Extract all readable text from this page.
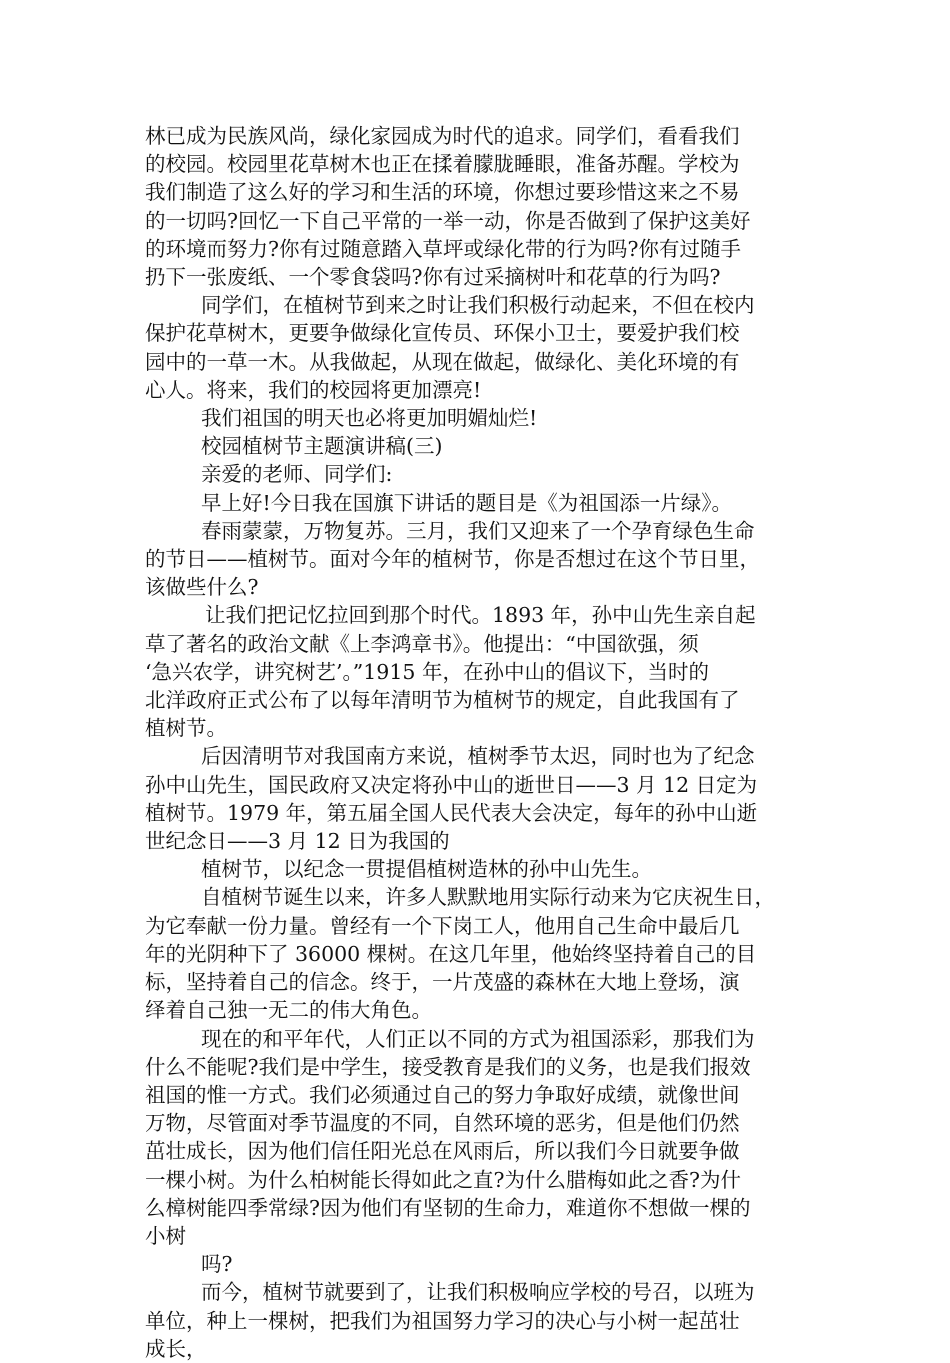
林已成为民族风尚，绿化家园成为时代的追求。同学们，看看我们

的校园。校园里花草树木也正在揉着朦胧睡眼，准备苏醒。学校为

我们制造了这么好的学习和生活的环境，你想过要珍惜这来之不易

的一切吗?回忆一下自己平常的一举一动，你是否做到了保护这美好

的环境而努力?你有过随意踏入草坪或绿化带的行为吗?你有过随手

扔下一张废纸、一个零食袋吗?你有过采摘树叶和花草的行为吗?

同学们，在植树节到来之时让我们积极行动起来，不但在校内

保护花草树木，更要争做绿化宣传员、环保小卫士，要爱护我们校

园中的一草一木。从我做起，从现在做起，做绿化、美化环境的有

心人。将来，我们的校园将更加漂亮!

我们祖国的明天也必将更加明媚灿烂!

校园植树节主题演讲稿(三)

亲爱的老师、同学们:

早上好!今日我在国旗下讲话的题目是《为祖国添一片绿》。

春雨蒙蒙，万物复苏。三月，我们又迎来了一个孕育绿色生命

的节日——植树节。面对今年的植树节，你是否想过在这个节日里，

该做些什么?

让我们把记忆拉回到那个时代。1893 年，孙中山先生亲自起

草了著名的政治文献《上李鸿章书》。他提出：“中国欲强，须

‘急兴农学，讲究树艺’。”1915 年，在孙中山的倡议下，当时的

北洋政府正式公布了以每年清明节为植树节的规定，自此我国有了

植树节。

后因清明节对我国南方来说，植树季节太迟，同时也为了纪念

孙中山先生，国民政府又决定将孙中山的逝世日——3 月 12 日定为

植树节。1979 年，第五届全国人民代表大会决定，每年的孙中山逝

世纪念日——3 月 12 日为我国的

植树节，以纪念一贯提倡植树造林的孙中山先生。

自植树节诞生以来，许多人默默地用实际行动来为它庆祝生日，

为它奉献一份力量。曾经有一个下岗工人，他用自己生命中最后几

年的光阴种下了 36000 棵树。在这几年里，他始终坚持着自己的目

标，坚持着自己的信念。终于，一片茂盛的森林在大地上登场，演

绎着自己独一无二的伟大角色。

现在的和平年代，人们正以不同的方式为祖国添彩，那我们为

什么不能呢?我们是中学生，接受教育是我们的义务，也是我们报效

祖国的惟一方式。我们必须通过自己的努力争取好成绩，就像世间

万物，尽管面对季节温度的不同，自然环境的恶劣，但是他们仍然

茁壮成长，因为他们信任阳光总在风雨后，所以我们今日就要争做

一棵小树。为什么柏树能长得如此之直?为什么腊梅如此之香?为什

么樟树能四季常绿?因为他们有坚韧的生命力，难道你不想做一棵的

小树

吗?

而今，植树节就要到了，让我们积极响应学校的号召，以班为

单位，种上一棵树，把我们为祖国努力学习的决心与小树一起茁壮

成长，
